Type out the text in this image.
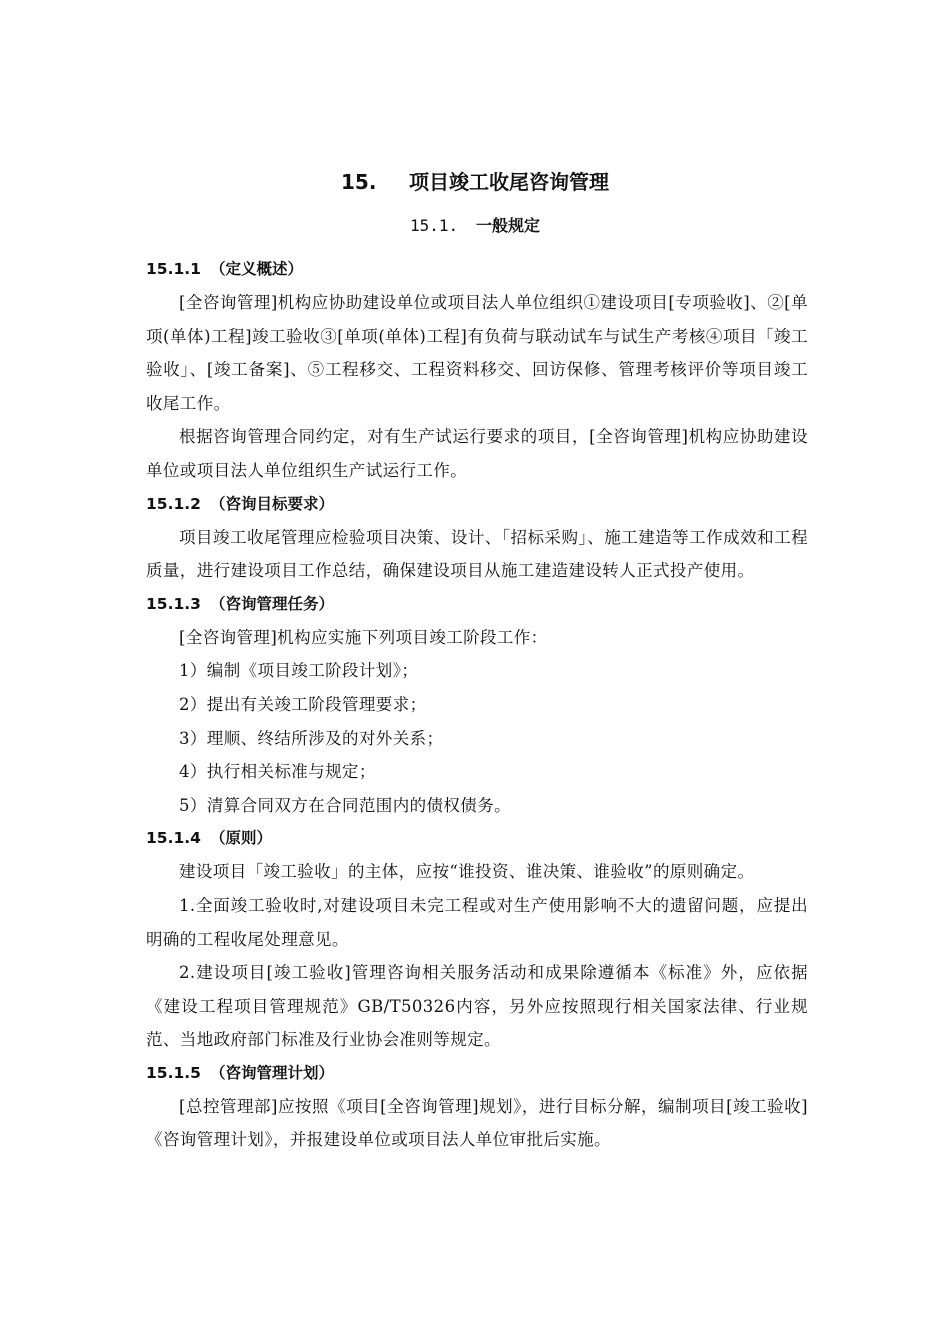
15. 项目竣工收尾咨询管理
15.1. 一般规定
15.1.1 （定义概述）

[全咨询管理]机构应协助建设单位或项目法人单位组织①建设项目[专项验收]、②[单项(单体)工程]竣工验收③[单项(单体)工程]有负荷与联动试车与试生产考核④项目「竣工验收」、[竣工备案]、⑤工程移交、工程资料移交、回访保修、管理考核评价等项目竣工收尾工作。

根据咨询管理合同约定，对有生产试运行要求的项目，[全咨询管理]机构应协助建设单位或项目法人单位组织生产试运行工作。

15.1.2 （咨询目标要求）

项目竣工收尾管理应检验项目决策、设计、「招标采购」、施工建造等工作成效和工程质量，进行建设项目工作总结，确保建设项目从施工建造建设转人正式投产使用。

15.1.3 （咨询管理任务）

[全咨询管理]机构应实施下列项目竣工阶段工作：

1）编制《项目竣工阶段计划》；

2）提出有关竣工阶段管理要求；

3）理顺、终结所涉及的对外关系；

4）执行相关标准与规定；

5）清算合同双方在合同范围内的债权债务。

15.1.4 （原则）

建设项目「竣工验收」的主体，应按“谁投资、谁决策、谁验收”的原则确定。

1.全面竣工验收时,对建设项目未完工程或对生产使用影响不大的遗留问题，应提出明确的工程收尾处理意见。

2.建设项目[竣工验收]管理咨询相关服务活动和成果除遵循本《标准》外，应依据《建设工程项目管理规范》GB/T50326内容，另外应按照现行相关国家法律、行业规范、当地政府部门标准及行业协会准则等规定。

15.1.5 （咨询管理计划）

[总控管理部]应按照《项目[全咨询管理]规划》，进行目标分解，编制项目[竣工验收]《咨询管理计划》，并报建设单位或项目法人单位审批后实施。
